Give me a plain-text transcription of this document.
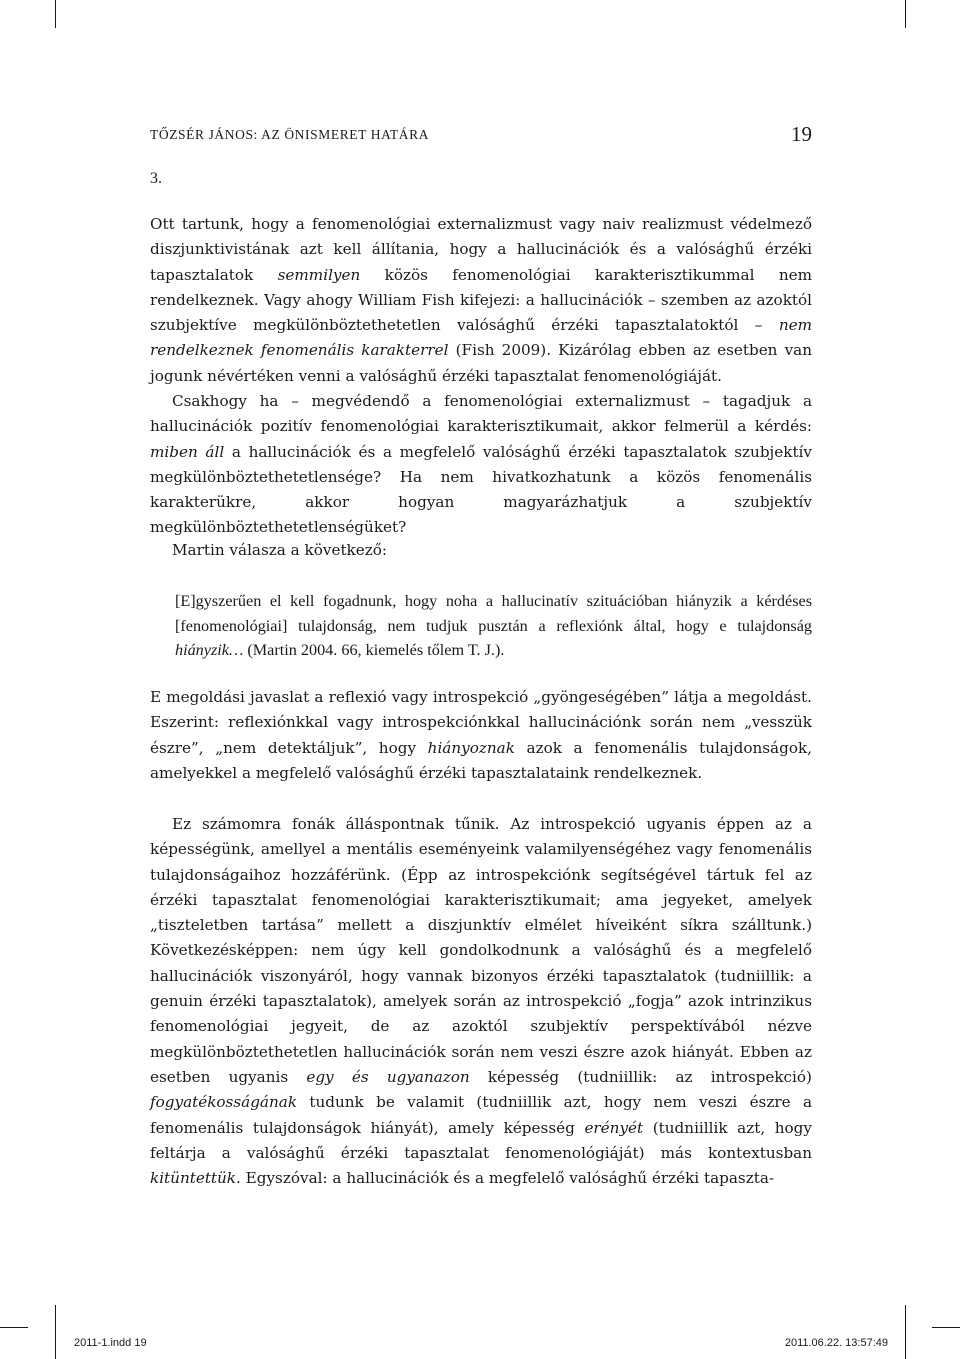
TŐZSÉR JÁNOS: AZ ÖNISMERET HATÁRA	19
3.

Ott tartunk, hogy a fenomenológiai externalizmust vagy naiv realizmust védelmező diszjunktivistának azt kell állítania, hogy a hallucinációk és a valósághű érzéki tapasztalatok semmilyen közös fenomenológiai karakterisztikummal nem rendelkeznek. Vagy ahogy William Fish kifejezi: a hallucinációk – szemben az azoktól szubjektíve megkülönböztethetetlen valósághű érzéki tapasztalatoktól – nem rendelkeznek fenomenális karakterrel (Fish 2009). Kizárólag ebben az esetben van jogunk névértéken venni a valósághű érzéki tapasztalat fenomenológiáját.

Csakhogy ha – megvédendő a fenomenológiai externalizmust – tagadjuk a hallucinációk pozitív fenomenológiai karakterisztikumait, akkor felmerül a kérdés: miben áll a hallucinációk és a megfelelő valósághű érzéki tapasztalatok szubjektív megkülönböztethetetlensége? Ha nem hivatkozhatunk a közös fenomenális karakterükre, akkor hogyan magyarázhatjuk a szubjektív megkülönböztethetetlenségüket?

Martin válasza a következő:

[E]gyszerűen el kell fogadnunk, hogy noha a hallucinatív szituációban hiányzik a kérdéses [fenomenológiai] tulajdonság, nem tudjuk pusztán a reflexiónk által, hogy e tulajdonság hiányzik… (Martin 2004. 66, kiemelés tőlem T. J.).

E megoldási javaslat a reflexió vagy introspekció „gyöngeségében” látja a megoldást. Eszerint: reflexiónkkal vagy introspekciónkkal hallucinációnk során nem „vesszük észre”, „nem detektáljuk”, hogy hiányoznak azok a fenomenális tulajdonságok, amelyekkel a megfelelő valósághű érzéki tapasztalataink rendelkeznek.

Ez számomra fonák álláspontnak tűnik. Az introspekció ugyanis éppen az a képességünk, amellyel a mentális eseményeink valamilyenségéhez vagy fenomenális tulajdonságaihoz hozzáférünk. (Épp az introspekciónk segítségével tártuk fel az érzéki tapasztalat fenomenológiai karakterisztikumait; ama jegyeket, amelyek „tiszteletben tartása” mellett a diszjunktív elmélet híveiként síkra szálltunk.) Következésképpen: nem úgy kell gondolkodnunk a valósághű és a megfelelő hallucinációk viszonyáról, hogy vannak bizonyos érzéki tapasztalatok (tudniillik: a genuin érzéki tapasztalatok), amelyek során az introspekció „fogja” azok intrinzikus fenomenológiai jegyeit, de az azoktól szubjektív perspektívából nézve megkülönböztethetetlen hallucinációk során nem veszi észre azok hiányát. Ebben az esetben ugyanis egy és ugyanazon képesség (tudniillik: az introspekció) fogyatékosságának tudunk be valamit (tudniillik azt, hogy nem veszi észre a fenomenális tulajdonságok hiányát), amely képesség erényét (tudniillik azt, hogy feltárja a valósághű érzéki tapasztalat fenomenológiáját) más kontextusban kitüntettük. Egyszóval: a hallucinációk és a megfelelő valósághű érzéki tapaszta-

2011-1.indd 19	2011.06.22. 13:57:49
